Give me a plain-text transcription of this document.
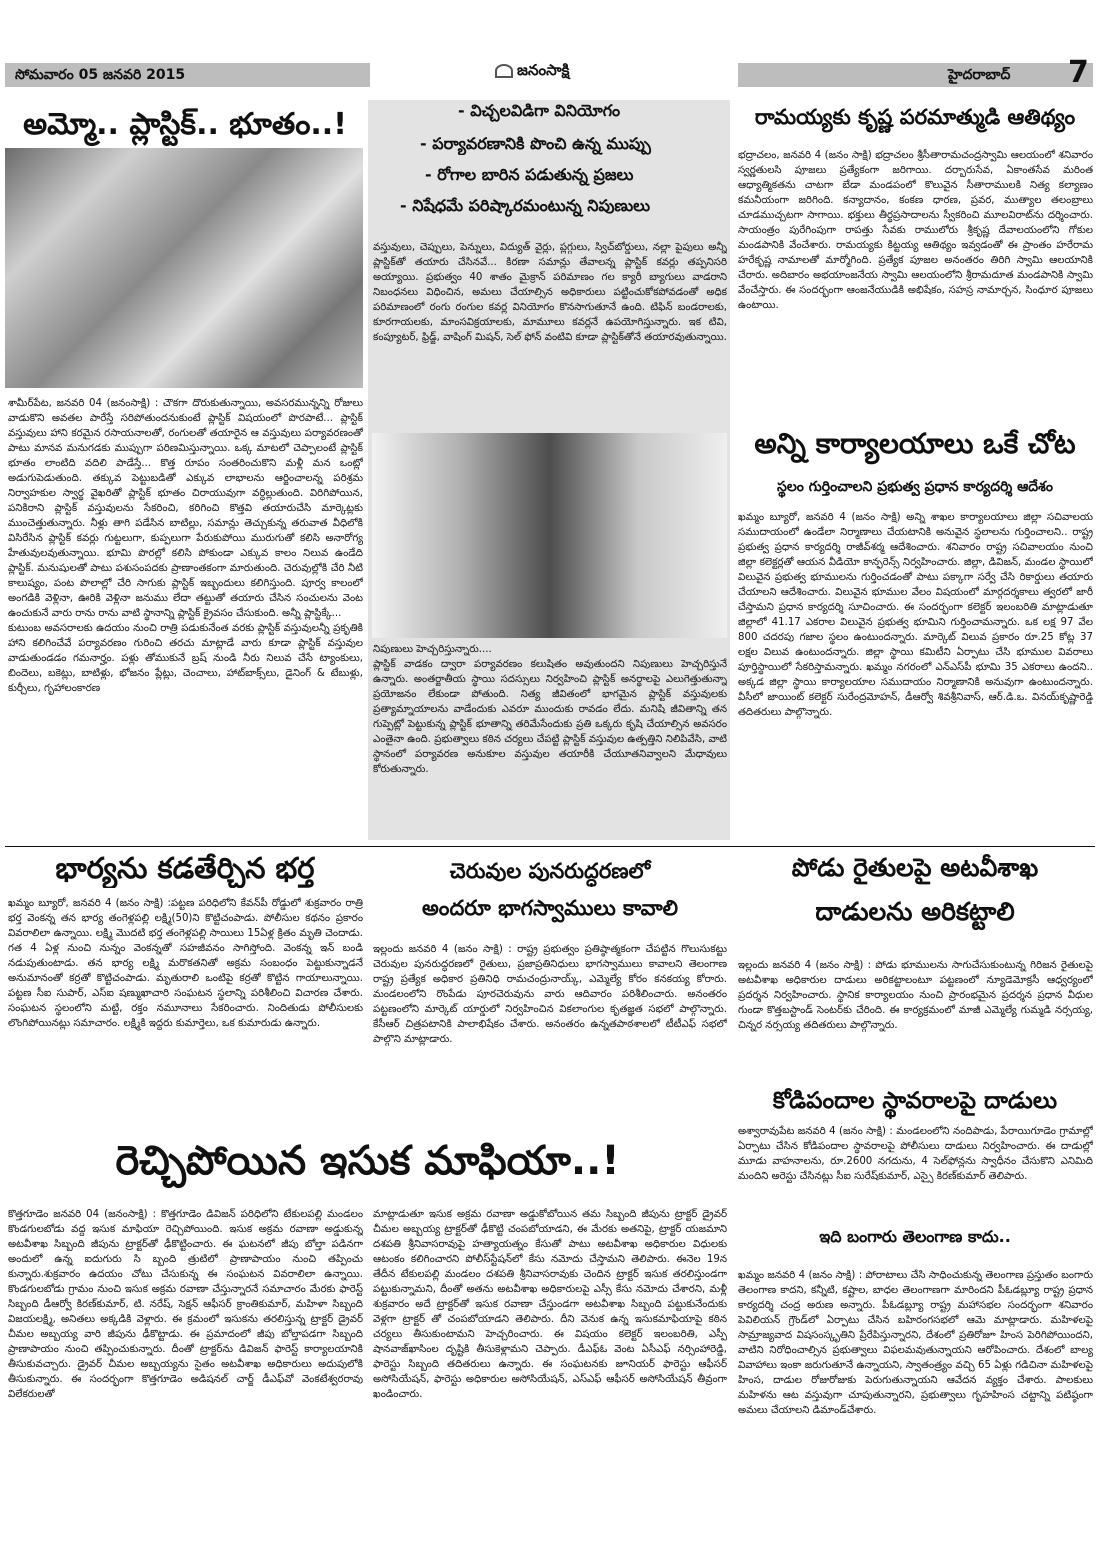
సోమవారం 05 జనవరి 2015	జనంసాక్షి	హైదరాబాద్	7
అమ్మో.. ప్లాస్టిక్.. భూతం..!
శామీర్‌పేట, జనవరి 04 (జనంసాక్షి) : చౌకగా దొరుకుతున్నాయి, అవసరమున్నన్ని రోజులు వాడుకొని అవతల పారేస్తే సరిపోతుందనుకుంటే ప్లాస్టిక్ విషయంలో పొరపాటే... ప్లాస్టిక్ వస్తువులు హాని కరమైన రసాయనాలతో, రంగులతో తయారైన ఆ వస్తువులు పర్యావరణంతో పాటు మానవ మనుగడకు ముప్పుగా పరిణమిస్తున్నాయి. ఒక్క మాటలో చెప్పాలంటే ప్లాస్టిక్ భూతం లాంటిది వదిలి పాడేస్తే... కొత్త రూపం సంతరించుకొని మళ్లీ మన ఒంట్లో అడుగుపెడుతుంది. తక్కువ పెట్టుబడితో ఎక్కువ లాభాలను ఆర్జించాలన్న పరిశ్రమ నిర్వాహకుల స్వార్థ వైఖరితో ప్లాస్టిక్ భూతం చిరాయువుగా వర్ధిల్లుతుంది. విరిగిపోయిన, పనికిరాని ప్లాస్టిక్ వస్తువులను సేకరించి, కరిగించి కొత్తవి తయారుచేసి మార్కెట్లకు ముంచెత్తుతున్నారు. నీళ్లు తాగి పడేసిన బాటిల్లు, సమాన్లు తెచ్చుకున్న తరువాత వీధిలోకి విసిరేసిన ప్లాస్టిక్ కవర్లు గుట్టలుగా, కుప్పలుగా పేరుకుపోయి మురుగుతో కలిసి అనారోగ్య హేతువులవుతున్నాయి. భూమి పొరల్లో కలిసి పోకుండా ఎక్కువ కాలం నిలువ ఉండేది ప్లాస్టిక్. మనుషులతో పాటు పశుసంపదకు ప్రాణాంతకంగా మారుతుంది. చెరువుల్లోకి చేరి నీటి కాలుష్యం, పంట పొలాల్లో చేరి సాగుకు ప్లాస్టిక్ ఇబ్బందులు కలిగిస్తుంది. పూర్వ కాలంలో అంగడికి వెళ్లినా, ఊరికి వెళ్లినా జనుము లేదా తట్టుతో తయారు చేసిన సంచులను వెంట ఉంచుకునే వారు రాను రాను వాటి స్థానాన్ని ప్లాస్టిక్ క్రైవసం చేసుకుంది. అన్నీ ప్లాస్టిక్కే...
కుటుంబ అవసరాలకు ఉదయం నుంచి రాత్రి పడుకునేంత వరకు ప్లాస్టిక్ వస్తువులన్నీ ప్రకృతికి హాని కలిగించేవే పర్యావరణం గురించి తరచు మాట్లాడే వారు కూడా ప్లాస్టిక్ వస్తువుల వాడుతుండడం గమనార్హం. పళ్లు తోముకునే బ్రష్ నుండి నీరు నిలువ చేసే ట్యాంకులు, బిందెలు, బకెట్లు, బాటిళ్లు, భోజనం ప్లేట్లు, చెంచాలు, హాట్‌బాక్స్‌లు, డైనింగ్ & టేబుళ్లు, కుర్చీలు, గృహాలంకారణ
- విచ్చలవిడిగా వినియోగం
- పర్యావరణానికి పొంచి ఉన్న ముప్పు
- రోగాల బారిన పడుతున్న ప్రజలు
- నిషేధమే పరిష్కారమంటున్న నిపుణులు
వస్తువులు, చెప్పులు, పెన్నులు, విద్యుత్ వైర్లు, ప్లగ్గులు, స్విచ్‌బోర్డులు, నల్లా పైపులు అన్నీ ప్లాస్టిక్‌తో తయారు చేసినవే... కిరణా సమాన్లు తేవాలన్న ప్లాస్టిక్ కవర్లు తప్పనిసరి అయ్యాయి. ప్రభుత్వం 40 శాతం మైక్రాన్ పరిమాణం గల క్యారీ బ్యాగులు వాడరాని నిబంధనలు విధించిన, అమలు చేయాల్సిన అధికారులు పట్టించుకోకపోవడంతో అధిక పరిమాణంలో రంగు రంగుల కవర్ల వినియోగం కొనసాగుతూనే ఉంది. టిఫిన్ బండరాలకు, కూరగాయలకు, మాంసవిక్రయాలకు, మామూలు కవర్లనే ఉపయోగిస్తున్నారు. ఇక టివి, కంప్యూటర్, ఫ్రిడ్జ్, వాషింగ్ మిషన్, సెల్ ఫోన్ వంటివి కూడా ప్లాస్టిక్‌తోనే తయారవుతున్నాయి.
నిపుణులు హెచ్చరిస్తున్నారు....
ప్లాస్టిక్ వాడకం ద్వారా పర్యావరణం కలుషితం అవుతుందని నిపుణులు హెచ్చరిస్తునే ఉన్నారు. అంతర్జాతీయ స్థాయి సదస్సులు నిర్వహించి ప్లాస్టిక్ అనర్థాలపై ఎలుగెత్తుతున్నా ప్రయోజనం లేకుండా పోతుంది. నిత్య జీవితంలో భాగమైన ప్లాస్టిక్ వస్తువులకు ప్రత్యామ్నాయాలను వాడేందుకు ఎవరూ ముందుకు రావడం లేదు. మనిషి జీవితాన్ని తన గుప్పెట్లో పెట్టుకున్న ప్లాస్టిక్ భూతాన్ని తరిమేసేందుకు ప్రతి ఒక్కరు కృషి చేయాల్సిన అవసరం ఎంతైనా ఉంది. ప్రభుత్వాలు కఠిన చర్యలు చేపట్టి ప్లాస్టిక్ వస్తువుల ఉత్పత్తిని నిలిపివేసి, వాటి స్థానంలో పర్యావరణ అనుకూల వస్తువుల తయారీకి చేయూతనివ్వాలని మేధావులు కోరుతున్నారు.
రామయ్యకు కృష్ణ పరమాత్ముడి ఆతిథ్యం
భద్రాచలం, జనవరి 4 (జనం సాక్షి) భద్రాచలం శ్రీసీతారామచంద్రస్వామి ఆలయంలో శనివారం స్వర్ణతులసి పూజలు ప్రత్యేకంగా జరిగాయి. దర్బారుసేవ, ఏకాంతసేవ మరింత ఆధ్యాత్మికతను చాటగా బేడా మండపంలో కొలువైన సీతారాములకి నిత్య కల్యాణం కమనీయంగా జరిగింది. కన్యాదానం, కంకణ ధారణ, ప్రవర, ముత్యాల తలంబ్రాలు చూడముచ్చటగా సాగాయి. భక్తులు తీర్థప్రసాదాలను స్వీకరించి మూలవిరాట్‌ను దర్శించారు. సాయంత్రం పురేగింపుగా రాపత్తు సేవకు రాములోరు శ్రీకృష్ణ దేవాలయంలోని గోకుల మండపానికి వేంచేశారు. రామయ్యకు కిట్టయ్య ఆతిథ్యం ఇవ్వడంతో ఈ ప్రాంతం హరేరామ హరేకృష్ణ నామాలతో మార్మోగింది. ప్రత్యేక పూజల అనంతరం తిరిగి స్వామి ఆలయానికి చేరారు. అదిబారం అభయాంజనేయ స్వామి ఆలయంలోని శ్రీరామదూత మండపానికి స్వామి వేంచేస్తారు. ఈ సందర్భంగా ఆంజనేయుడికి అభిషేకం, సహస్ర నామార్చన, సింధూర పూజలు ఉంటాయి.
అన్ని కార్యాలయాలు ఒకే చోట
స్థలం గుర్తించాలని ప్రభుత్వ ప్రధాన కార్యదర్శి ఆదేశం
ఖమ్మం బ్యూరో, జనవరి 4 (జనం సాక్షి) అన్ని శాఖల కార్యాలయాలు జిల్లా సచివాలయ సముదాయంలో ఉండేలా నిర్మాణాలు చేయటానికి అనువైన స్థలాలను గుర్తించాలని.. రాష్ట్ర ప్రభుత్వ ప్రధాన కార్యదర్శి రాజీవ్‌శర్మ ఆదేశించారు. శనివారం రాష్ట్ర సచివాలయం నుంచి జిల్లా కలెక్టర్లతో ఆయన వీడియో కాన్ఫరెన్స్ నిర్వహించారు. జిల్లా, డివిజన్, మండల స్థాయిలో విలువైన ప్రభుత్వ భూములను గుర్తించడంతో పాటు పక్కాగా సర్వే చేసి రికార్డులు తయారు చేయాలని ఆదేశించారు. విలువైన భూముల వేలం విషయంలో మార్గదర్శకాలు త్వరలో జారీ చేస్తామని ప్రధాన కార్యదర్శి సూచించారు. ఈ సందర్భంగా కలెక్టర్ ఇలంబరితి మాట్లాడుతూ జిల్లాలో 41.17 ఎకరాల విలువైన ప్రభుత్వ భూమిని గుర్తించామన్నారు. ఒక లక్ష 97 వేల 800 చదరపు గజాల స్థలం ఉంటుందన్నారు. మార్కెట్ విలువ ప్రకారం రూ.25 కోట్ల 37 లక్షల విలువ ఉంటుందన్నారు. జిల్లా స్థాయి కమిటీని ఏర్పాటు చేసి భూముల వివరాలు పూర్తిస్థాయిలో సేకరిస్తామన్నారు. ఖమ్మం నగరంలో ఎన్‌ఎస్‌పీ భూమి 35 ఎకరాలు ఉందని.. అక్కడ జిల్లా స్థాయి కార్యాలయాల సముదాయం నిర్మాణానికి అనువుగా ఉంటుందన్నారు. వీసీలో జాయింట్ కలెక్టర్ సురేంద్రమోహన్, డీఆర్వో శివశ్రీనివాస్, ఆర్.డి.ఒ. వినయ్‌కృష్ణారెడ్డి తదితరులు పాల్గొన్నారు.
భార్యను కడతేర్చిన భర్త
ఖమ్మం బ్యూరో, జనవరి 4 (జనం సాక్షి) :పట్టణ పరిధిలోని కేవన్‌పీ రోడ్డులో శుక్రవారం రాత్రి భర్త వెంకన్న తన భార్య తంగెళ్లపల్లి లక్ష్మి(50)ని కొట్టిచంపాడు. పోలీసుల కథనం ప్రకారం వివరాలిలా ఉన్నాయి. లక్ష్మి మొదటి భర్త తంగెళ్లపల్లి సాయిలు 15ఏళ్ల క్రితం మృతి చెందాడు. గత 4 ఏళ్ల నుంచి నున్నం వెంకన్నతో సహజీవనం సాగిస్తోంది. వెంకన్న ఇన్ బండి నడుపుతుంటాడు. తన భార్య లక్ష్మి మరొకతనితో అక్రమ సంబంధం పెట్టుకున్నాడనే అనుమానంతో కర్రతో కొట్టిచంపాడు. మృతురాలి ఒంటిపై కర్రతో కొట్టిన గాయాలున్నాయి. పట్టణ సీఐ సుపార్, ఎస్ఐ షణ్ముఖాచారి సంఘటన స్థలాన్ని పరిశీలించి విచారణ చేశారు. సంఘటన స్థలంలోని మట్టి, రక్తం నమూనాలు సేకరించారు. నిందితుడు పోలీసులకు లొంగిపోయినట్లు సమాచారం. లక్ష్మికి ఇద్దరు కుమార్తెలు, ఒక కుమారుడు ఉన్నారు.
చెరువుల పునరుద్ధరణలో
అందరూ భాగస్వాములు కావాలి
ఇల్లందు జనవరి 4 (జనం సాక్షి) : రాష్ట్ర ప్రభుత్వం ప్రతిష్ఠాత్మకంగా చేపట్టిన గొలుసుకట్టు చెరువుల పునరుద్ధరణలో రైతులు, ప్రజాప్రతినిధులు భాగస్వాములు కావాలని తెలంగాణ రాష్ట్ర ప్రత్యేక అధికార ప్రతినిధి రామచంద్రునాయ్క్, ఎమ్మెల్యే కోరం కనకయ్య కోరారు. మండలంలోని రొంపేడు పూరచెరువును వారు ఆదివారం పరిశీలించారు. అనంతరం పట్టణంలోని మార్కెట్ యార్డులో నిర్వహించిన వికలాంగుల కృతజ్ఞత సభలో పాల్గొన్నారు. కేసీఆర్ చిత్రపటానికి పాలాభిషేకం చేశారు. అనంతరం ఉన్నతపాఠశాలలో టీటీఎఫ్ సభలో పాల్గొని మాట్లాడారు.
పోడు రైతులపై అటవీశాఖ
దాడులను అరికట్టాలి
ఇల్లందు జనవరి 4 (జనం సాక్షి) : పోడు భూములను సాగుచేసుకుంటున్న గిరిజన రైతులపై అటవీశాఖ అధికారుల దాడులు అరికట్టాలంటూ పట్టణంలో న్యూడెమోక్రసీ ఆధ్వర్యంలో ప్రదర్శన నిర్వహించారు. స్థానిక కార్యాలయం నుంచి ప్రారంభమైన ప్రదర్శన ప్రధాన వీధుల గుండా కొత్తబస్టాండ్ సెంటర్‌కు చేరింది. ఈ కార్యక్రమంలో మాజీ ఎమ్మెల్యే గుమ్మడి నర్సయ్య, చిన్నర నర్సయ్య తదితరులు పాల్గొన్నారు.
కోడిపందాల స్థావరాలపై దాడులు
అశ్వారావుపేట జనవరి 4 (జనం సాక్షి) : మండలంలోని నందిపాడు, పేరాయిగూడెం గ్రామాల్లో ఏర్పాటు చేసిన కోడిపందాల స్థావరాలపై పోలీసులు దాడులు నిర్వహించారు. ఈ దాడుల్లో మూడు వాహనాలను, రూ.2600 నగదును, 4 సెల్‌ఫోన్లను స్వాధీనం చేసుకొని ఎనిమిది మందిని అరెస్టు చేసినట్లు సీఐ సురేష్‌కుమార్, ఎస్సై కిరణ్‌కుమార్ తెలిపారు.
ఇది బంగారు తెలంగాణ కాదు..
ఖమ్మం జనవరి 4 (జనం సాక్షి) : పోరాటాలు చేసి సాధించుకున్న తెలంగాణ ప్రస్తుతం బంగారు తెలంగాణ కాదని, కన్నీటి, కష్టాల, బాధల తెలంగాణగా మారిందని పీఓడబ్ల్యూ రాష్ట్ర ప్రధాన కార్యదర్శి చంద్ర అరుణ అన్నారు. పీఓడబ్ల్యూ రాష్ట్ర మహాసభల సందర్భంగా శనివారం పెవిలియన్ గ్రౌండ్‌లో ఏర్పాటు చేసిన బహిరంగసభలో ఆమె మాట్లాడారు. మహిళలపై సామ్రాజ్యవాద విషసంస్కృతిని ప్రేరేపిస్తున్నారని, దేశంలో ప్రతిరోజూ హింస పెరిగిపోయిందని, వాటిని నిరోధించాల్సిన ప్రభుత్వాలు విఫలమవుతున్నాయని ఆరోపించారు. దేశంలో బాల్య వివాహాలు ఇంకా జరుగుతూనే ఉన్నాయని, స్వాతంత్ర్యం వచ్చి 65 ఏళ్లు గడిచినా మహిళలపై హింస, దాడుల రోజురోజుకు పెరుగుతున్నాయని ఆవేదన వ్యక్తం చేశారు. పాలకులు మహిళను ఆట వస్తువుగా చూపుతున్నారని, ప్రభుత్వాలు గృహహింస చట్టాన్ని పటిష్ఠంగా అమలు చేయాలని డిమాండ్‌చేశారు.
రెచ్చిపోయిన ఇసుక మాఫియా..!
కొత్తగూడెం జనవరి 04 (జనంసాక్షి) : కొత్తగూడెం డివిజన్ పరిధిలోని టేకులపల్లి మండలం కొండగులబోడు వద్ద ఇసుక మాఫియా రెచ్చిపోయింది. ఇసుక అక్రమ రవాణా అడ్డుకున్న అటవీశాఖ సిబ్బంది జీపును ట్రాక్టర్‌తో ఢీకొట్టించారు. ఈ ఘటనలో జీపు బోల్తా పడినగా అందులో ఉన్న ఐదుగురు సి బ్బంది త్రుటిలో ప్రాణాపాయం నుంచి తప్పించు కున్నారు.శుక్రవారం ఉదయం చోటు చేసుకున్న ఈ సంఘటన వివరాలిలా ఉన్నాయి. కొండగులబోడు గ్రామం నుంచి ఇసుక అక్రమ రవాణా చేస్తున్నారనే సమాచారం మేరకు ఫారెస్ట్ సిబ్బంది డీఆర్వో కిరణ్‌కుమార్, టి. నరేష్, సెక్షన్ ఆఫీసర్ క్రాంతికుమార్, మహిళా సిబ్బంది విజయలక్ష్మి, అనితలు అక్కడికి వెళ్లారు. ఈ క్రమంలో ఇసుకను తరలిస్తున్న ట్రాక్టర్ డ్రైవర్ చీమల అబ్బయ్య వారి జీపును ఢీకొట్టాడు. ఈ ప్రమాదంలో జీపు బోల్తాపడగా సిబ్బంది ప్రాణాపాయం నుంచి తప్పించుకున్నారు. దీంతో ట్రాక్టర్‌ను డివిజన్ ఫారెస్ట్ కార్యాలయానికి తీసుకువచ్చారు. డ్రైవర్ చీమల అబ్బయ్యను సైతం అటవీశాఖ అధికారులు అదుపులోకి తీసుకున్నారు. ఈ సందర్భంగా కొత్తగూడెం అడిషనల్ చార్జ్ డీఎఫ్‌వో వెంకటేశ్వరరావు విలేకరులతో
మాట్లాడుతూ ఇసుక అక్రమ రవాణా అడ్డుకోబోయిన తమ సిబ్బంది జీపును ట్రాక్టర్ డ్రైవర్ చీమల అబ్బయ్య ట్రాక్టర్‌తో ఢీకొట్టి చంపబోయాడని, ఈ మేరకు అతనిపై, ట్రాక్టర్ యజమాని దశపతి శ్రీనివాసరావుపై హత్యాయత్నం కేసుతో పాటు అటవీశాఖ అధికారుల విధులకు ఆటంకం కలిగించారని పోలీస్‌స్టేషన్‌లో కేసు నమోదు చేస్తామని తెలిపారు. ఈనెల 19న తేదీన టేకులపల్లి మండలం దశపతి శ్రీనివాసరావుకు చెందిన ట్రాక్టర్ ఇసుక తరలిస్తుండగా పట్టుకున్నామని, దీంతో అతను అటవీశాఖ అధికారులపై ఎస్సీ కేసు నమోదు చేశారని, మళ్లీ శుక్రవారం అదే ట్రాక్టర్‌తో ఇసుక రవాణా చేస్తుండగా అటవీశాఖ సిబ్బంది పట్టుకునేందుకు వెళ్లగా ట్రాక్టర్ తో చంపబోయాడని తెలిపారు. దీని వెనుక ఉన్న ఇసుకమాఫియాపై కఠిన చర్యలు తీసుకుంటామని హెచ్చరించారు. ఈ విషయం కలెక్టర్ ఇలంబరితి, ఎస్పీ షానవాజ్‌ఖాసింల దృష్టికి తీసుకెళ్లామని చెప్పారు. డీఎఫ్‌ఓ వెంట ఏసీఎఫ్ నర్సింహారెడ్డి, ఫారెస్టు సిబ్బంది తదితరులు ఉన్నారు. ఈ సంఘటనకు జూనియర్ ఫారెస్టు ఆఫీసర్ అసోసియేషన్, ఫారెస్టు అధికారుల అసోసియేషన్, ఎస్‌ఎఫ్ ఆఫీసర్ అసోసియేషన్ తీవ్రంగా ఖండించారు.
